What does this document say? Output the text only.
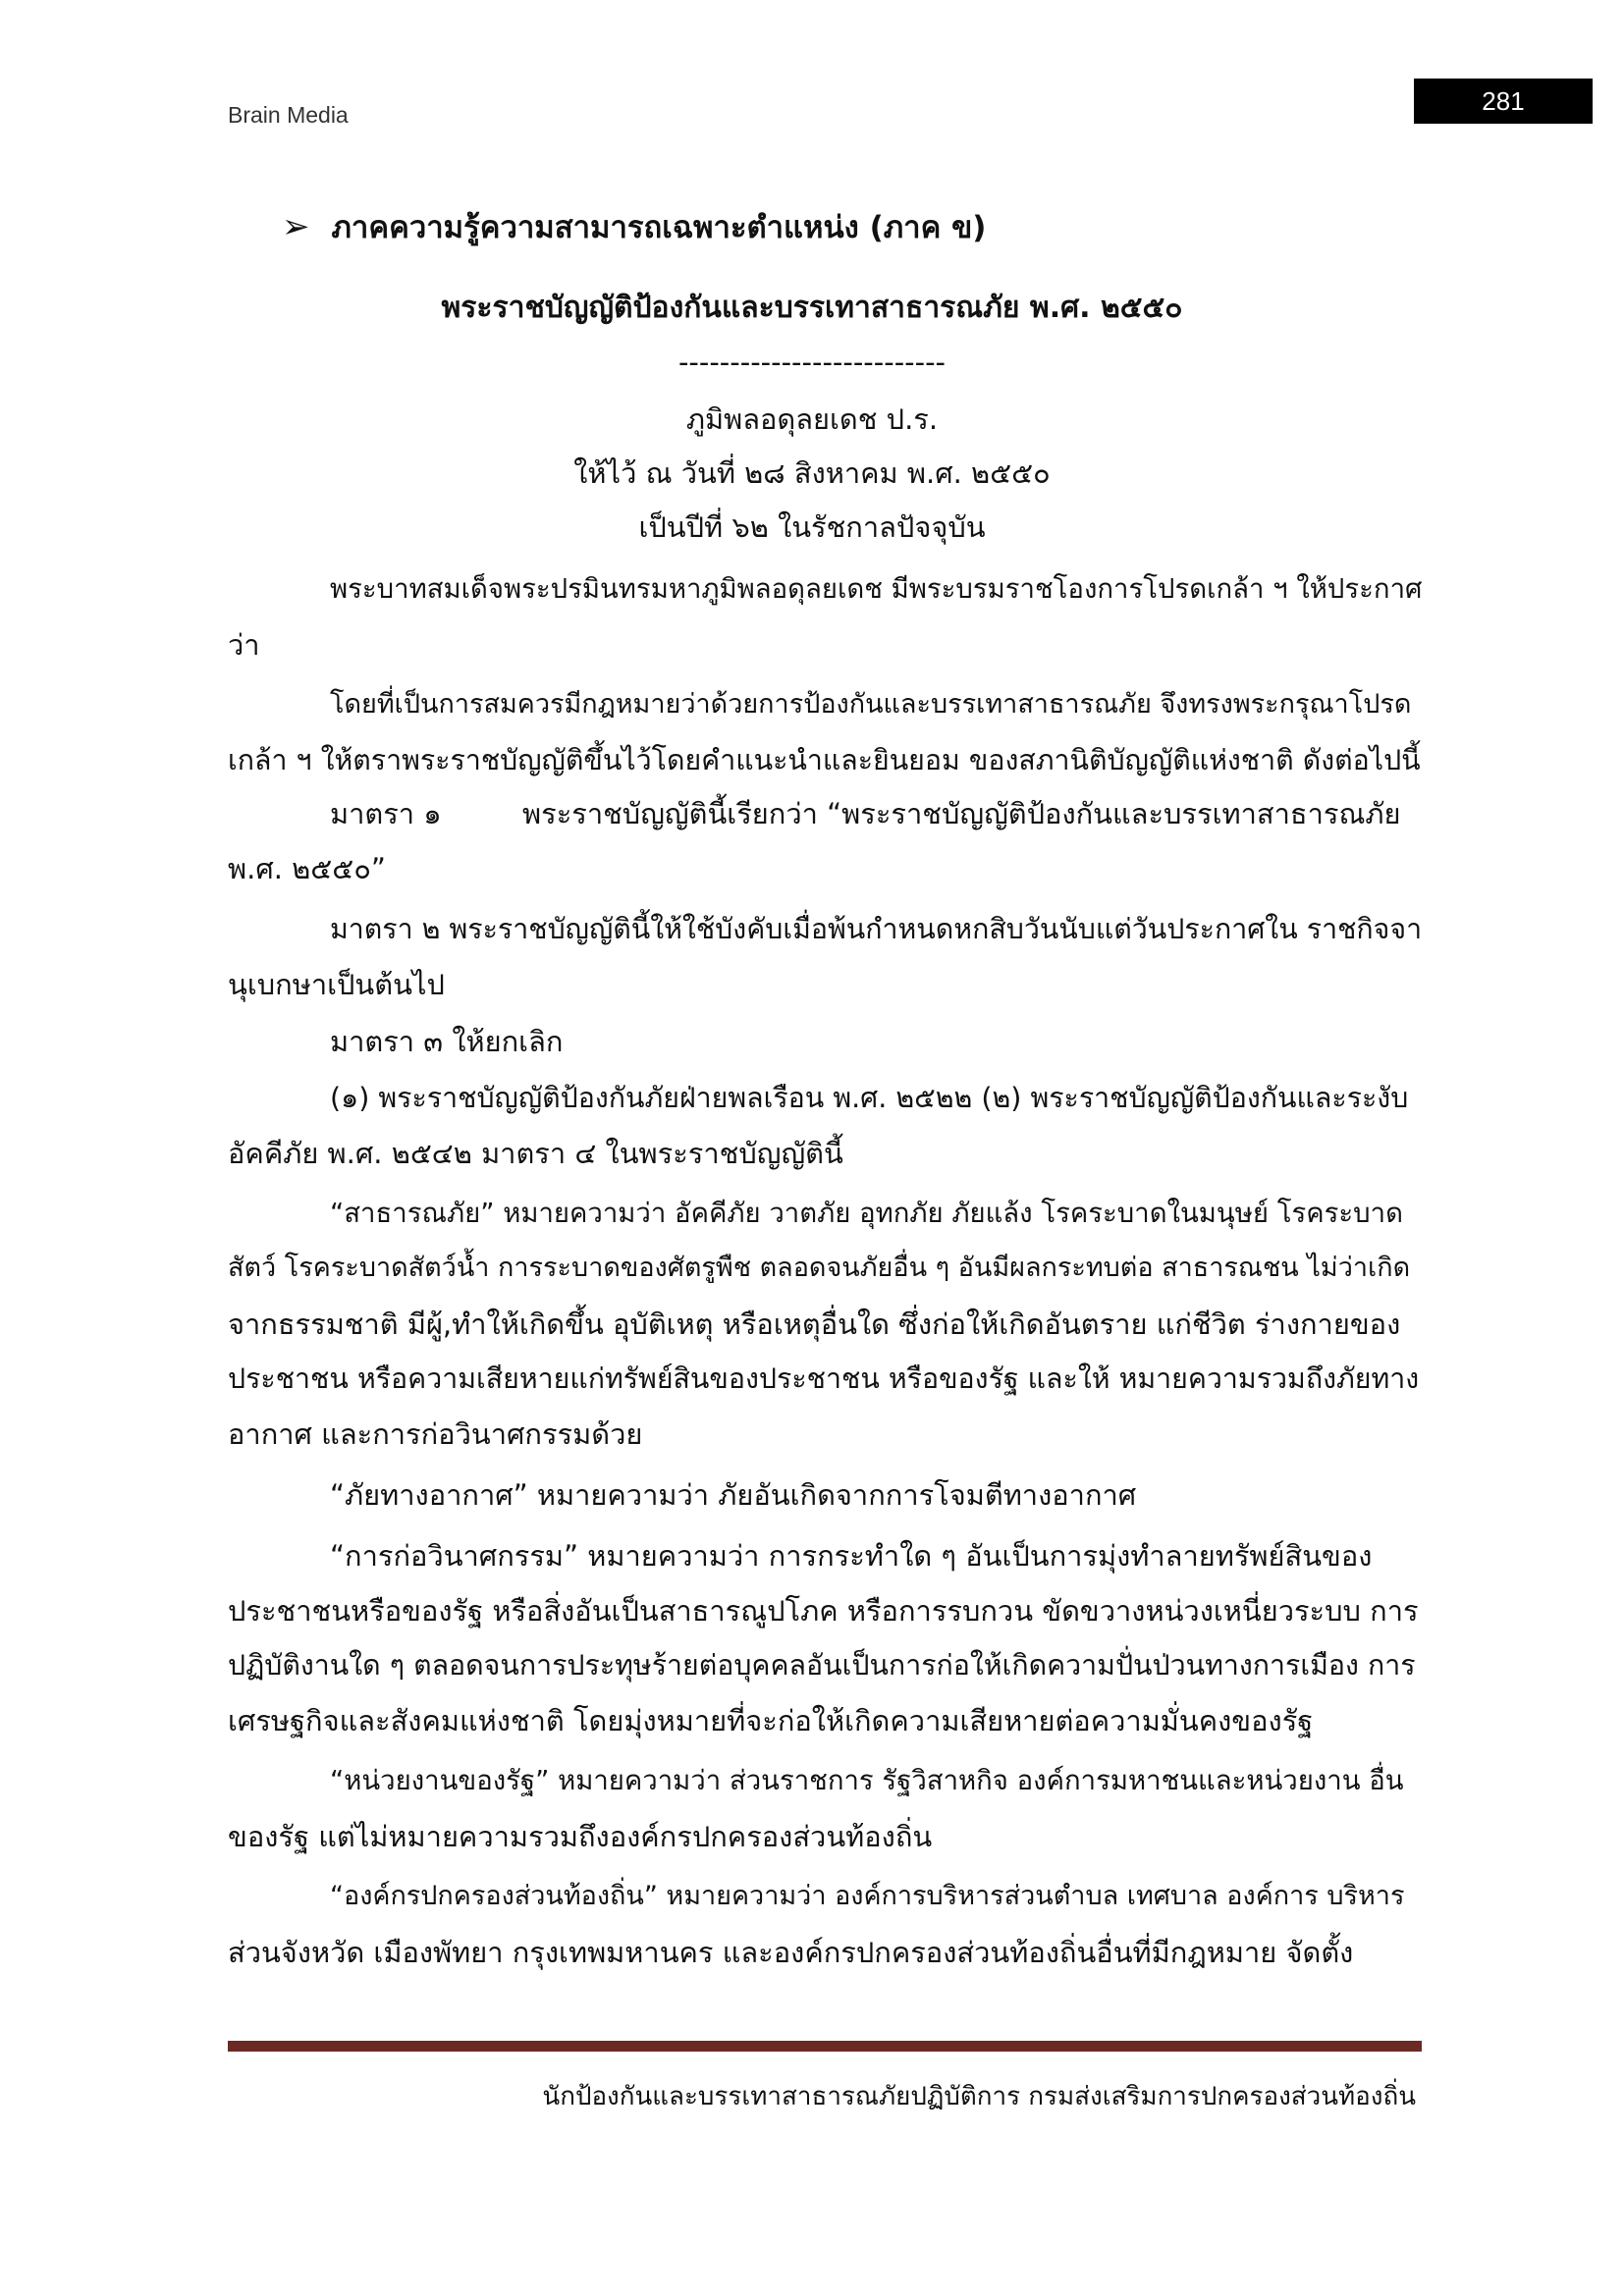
Brain Media	281
➢ ภาคความรู้ความสามารถเฉพาะตำแหน่ง (ภาค ข)
พระราชบัญญัติป้องกันและบรรเทาสาธารณภัย พ.ศ. ๒๕๕๐
--------------------------
ภูมิพลอดุลยเดช ป.ร.
ให้ไว้ ณ วันที่ ๒๘ สิงหาคม พ.ศ. ๒๕๕๐
เป็นปีที่ ๖๒ ในรัชกาลปัจจุบัน
พระบาทสมเด็จพระปรมินทรมหาภูมิพลอดุลยเดช มีพระบรมราชโองการโปรดเกล้า ฯ ให้ประกาศ
ว่า
โดยที่เป็นการสมควรมีกฎหมายว่าด้วยการป้องกันและบรรเทาสาธารณภัย จึงทรงพระกรุณาโปรด
เกล้า ฯ ให้ตราพระราชบัญญัติขึ้นไว้โดยคำแนะนำและยินยอม ของสภานิติบัญญัติแห่งชาติ ดังต่อไปนี้
มาตรา ๑	พระราชบัญญัตินี้เรียกว่า “พระราชบัญญัติป้องกันและบรรเทาสาธารณภัย
พ.ศ. ๒๕๕๐”
มาตรา ๒ พระราชบัญญัตินี้ให้ใช้บังคับเมื่อพ้นกำหนดหกสิบวันนับแต่วันประกาศใน ราชกิจจา
นุเบกษาเป็นต้นไป
มาตรา ๓ ให้ยกเลิก
(๑) พระราชบัญญัติป้องกันภัยฝ่ายพลเรือน พ.ศ. ๒๕๒๒ (๒) พระราชบัญญัติป้องกันและระงับ
อัคคีภัย พ.ศ. ๒๕๔๒ มาตรา ๔ ในพระราชบัญญัตินี้
“สาธารณภัย” หมายความว่า อัคคีภัย วาตภัย อุทกภัย ภัยแล้ง โรคระบาดในมนุษย์ โรคระบาด
สัตว์ โรคระบาดสัตว์น้ำ การระบาดของศัตรูพืช ตลอดจนภัยอื่น ๆ อันมีผลกระทบต่อ สาธารณชน ไม่ว่าเกิด
จากธรรมชาติ มีผู้,ทำให้เกิดขึ้น อุบัติเหตุ หรือเหตุอื่นใด ซึ่งก่อให้เกิดอันตราย แก่ชีวิต ร่างกายของ
ประชาชน หรือความเสียหายแก่ทรัพย์สินของประชาชน หรือของรัฐ และให้ หมายความรวมถึงภัยทาง
อากาศ และการก่อวินาศกรรมด้วย
“ภัยทางอากาศ” หมายความว่า ภัยอันเกิดจากการโจมตีทางอากาศ
“การก่อวินาศกรรม” หมายความว่า การกระทำใด ๆ อันเป็นการมุ่งทำลายทรัพย์สินของ
ประชาชนหรือของรัฐ หรือสิ่งอันเป็นสาธารณูปโภค หรือการรบกวน ขัดขวางหน่วงเหนี่ยวระบบ การ
ปฏิบัติงานใด ๆ ตลอดจนการประทุษร้ายต่อบุคคลอันเป็นการก่อให้เกิดความปั่นป่วนทางการเมือง การ
เศรษฐกิจและสังคมแห่งชาติ โดยมุ่งหมายที่จะก่อให้เกิดความเสียหายต่อความมั่นคงของรัฐ
“หน่วยงานของรัฐ” หมายความว่า ส่วนราชการ รัฐวิสาหกิจ องค์การมหาชนและหน่วยงาน อื่น
ของรัฐ แต่ไม่หมายความรวมถึงองค์กรปกครองส่วนท้องถิ่น
“องค์กรปกครองส่วนท้องถิ่น” หมายความว่า องค์การบริหารส่วนตำบล เทศบาล องค์การ บริหาร
ส่วนจังหวัด เมืองพัทยา กรุงเทพมหานคร และองค์กรปกครองส่วนท้องถิ่นอื่นที่มีกฎหมาย จัดตั้ง
นักป้องกันและบรรเทาสาธารณภัยปฏิบัติการ กรมส่งเสริมการปกครองส่วนท้องถิ่น
